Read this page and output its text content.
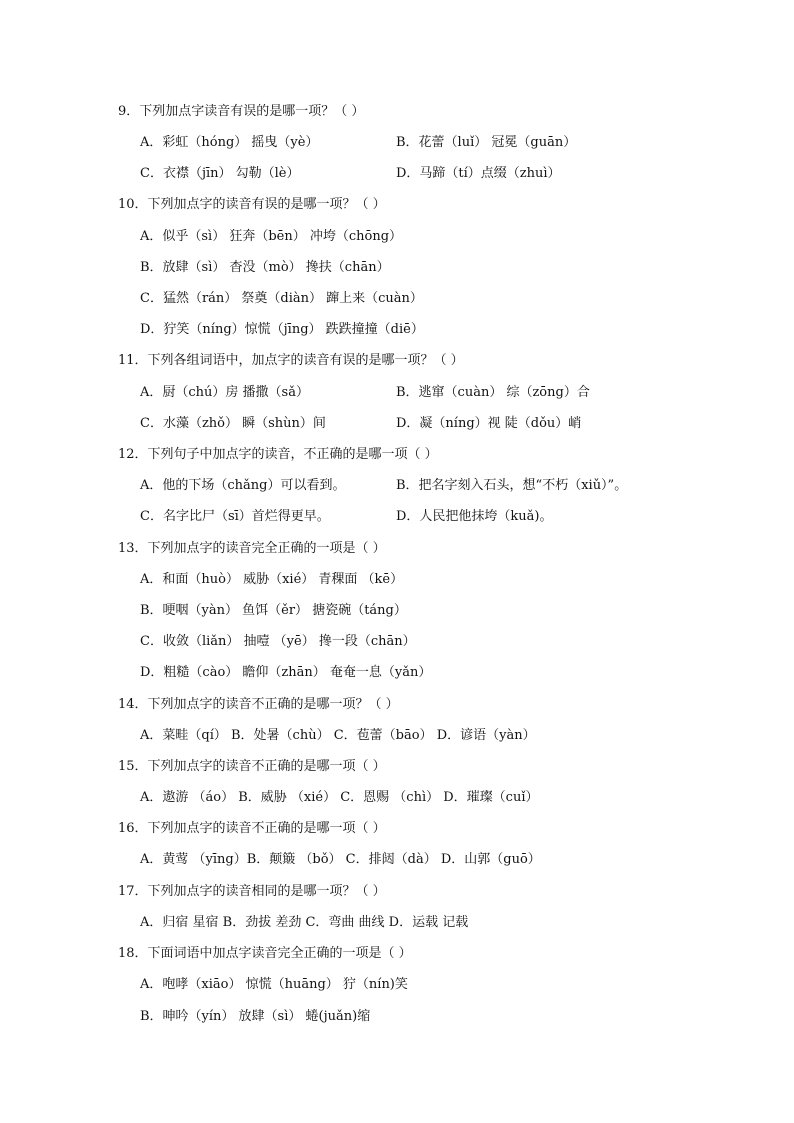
9．下列加点字读音有误的是哪一项？（ ）
A．彩虹（hóng） 摇曳（yè）	B．花蕾（luǐ） 冠冕（guān）
C．衣襟（jīn） 勾勒（lè）	D．马蹄（tí）点缀（zhuì）
10．下列加点字的读音有误的是哪一项？（ ）
A．似乎（sì） 狂奔（bēn） 冲垮（chōng）
B．放肆（sì） 杳没（mò） 搀扶（chān）
C．猛然（rán） 祭奠（diàn） 蹿上来（cuàn）
D．狞笑（níng）惊慌（jīng） 跌跌撞撞（diē）
11．下列各组词语中，加点字的读音有误的是哪一项？（ ）
A．厨（chú）房 播撒（sǎ）	B．逃窜（cuàn） 综（zōng）合
C．水藻（zhǒ） 瞬（shùn）间	D．凝（níng）视 陡（dǒu）峭
12．下列句子中加点字的读音，不正确的是哪一项（ ）
A．他的下场（chǎng）可以看到。	B．把名字刻入石头，想“不朽（xiǔ）”。
C．名字比尸（sī）首烂得更早。	D．人民把他抹垮（kuǎ)。
13．下列加点字的读音完全正确的一项是（ ）
A．和面（huò） 威胁（xié） 青稞面 （kē）
B．哽咽（yàn） 鱼饵（ěr） 搪瓷碗（táng）
C．收敛（liǎn） 抽噎 （yē） 搀一段（chān）
D．粗糙（cào） 瞻仰（zhān） 奄奄一息（yǎn）
14．下列加点字的读音不正确的是哪一项？（ ）
A．菜畦（qí） B．处暑（chù） C．苞蕾（bāo） D．谚语（yàn）
15．下列加点字的读音不正确的是哪一项（ ）
A．遨游 （áo） B．威胁 （xié） C．恩赐 （chì） D．璀璨（cuǐ）
16．下列加点字的读音不正确的是哪一项（ ）
A．黄莺 （yīng）B．颠簸 （bǒ） C．排闼（dà） D．山郭（guō）
17．下列加点字的读音相同的是哪一项？（ ）
A．归宿 星宿 B．劲拔 差劲 C．弯曲 曲线 D．运载 记载
18．下面词语中加点字读音完全正确的一项是（ ）
A．咆哮（xiāo） 惊慌（huāng） 狞（nín)笑
B．呻吟（yín） 放肆（sì） 蜷(juǎn)缩
